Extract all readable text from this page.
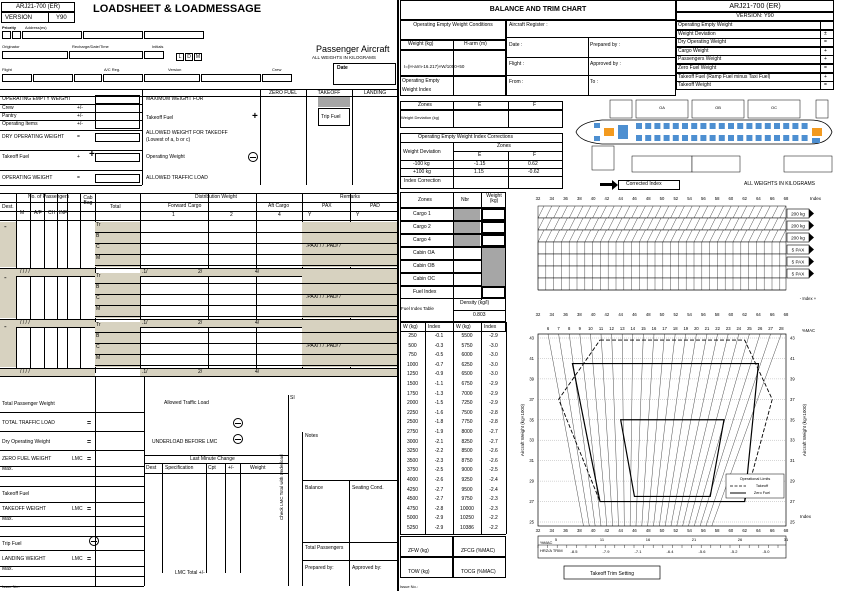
ARJ21-700 (ER)
VERSION	Y90
LOADSHEET & LOADMESSAGE
Priority Address(es)
Originator	Recharge/Date/Time	Initials
L D M
Passenger Aircraft
ALL WEIGHTS IN KILOGRAMS
Flight	A/C Reg.	Version	Crew	Date
ZERO FUEL	TAKEOFF	LANDING
OPERATING EMPTY WEIGHT
Crew	+/-
Pantry	+/-
Operating Items	+/-
DRY OPERATING WEIGHT	=
Takeoff Fuel	+
OPERATING WEIGHT	=
+
MAXIMUM WEIGHT FOR
Takeoff Fuel	+
ALLOWED WEIGHT FOR TAKEOFF
(Lowest of a, b or c)
Operating Weight
ALLOWED TRAFFIC LOAD
Trip Fuel
Dest.
No. of Passengers
M A/F CH INF
Cab Bag
Total
Distribution Weight
Forward Cargo	Aft Cargo
1	2	4
Remarks
PAX	PAD
Y	Y
-	Tr
B
C
M
.PAX/ / / .PAD/ /
.1/	2/	4/
/ / / /
-	Tr
B
C
M
.PAX/ / / .PAD/ /
.1/	2/	4/
/ / / /
-	Tr
B
C
M
.PAX/ / / .PAD/ /
.1/	2/	4/
/ / / /
Total Passenger Weight
TOTAL TRAFFIC LOAD
Dry Operating Weight
ZERO FUEL WEIGHT
Takeoff Fuel
TAKEOFF WEIGHT
Trip Fuel
LANDING WEIGHT
LMC
LMC
LMC
Max.
Max.
Max.
Allowed Traffic Load
UNDERLOAD BEFORE LMC
Last Minute Change
Dest Specification	Cpt +/-	Weight
LMC Total +/-
SI
Notes
Balance	Seating Cond.
Total Passengers
Prepared by:	Approved by:
Check LMC Total with Underload
=
=
=
=
=
Issue No.:
BALANCE AND TRIM CHART	ARJ21-700 (ER)
VERSION: Y90
Operating Empty Weight Conditions
Weight (kg)	H-arm (m)
I=(H-arm-16.217)×W/1000+50
Operating Empty
Weight Index
Aircraft Register :
Date :	Prepared by :
Flight :	Approved by :
From :	To :
Operating Empty Weight
Weight Deviation	±
Dry Operating Weight	=
Cargo Weight	+
Passengers Weight	+
Zero Fuel Weight	=
Takeoff Fuel (Ramp Fuel minus Taxi Fuel)	+
Takeoff Weight	=
Zones	E	F
Weight Deviation (kg)
Operating Empty Weight Index Corrections
Weight Deviation
Zones
E	F
-100 kg	-1.15	0.62
+100 kg	1.15	-0.62
Index Correction	Corrected Index	ALL WEIGHTS IN KILOGRAMS
OA	OB	OC
Zones	Nbr
Weight (kg)
Cargo 1
Cargo 2
Cargo 4
Cabin OA
Cabin OB
Cabin OC
Fuel Index
Fuel Index Table
Density (kg/l)
0.803
W (kg) Index	W (kg)	Index
250	-0.1	5500	-2.9
500	-0.3	5750	-3.0
750	-0.5	6000	-3.0
1000	-0.7	6250	-3.0
1250	-0.9	6500	-3.0
1500	-1.1	6750	-2.9
1750	-1.3	7000	-2.9
2000	-1.5	7250	-2.9
2250	-1.6	7500	-2.8
2500	-1.8	7750	-2.8
2750	-1.9	8000	-2.7
3000	-2.1	8250	-2.7
3250	-2.2	8500	-2.6
3500	-2.3	8750	-2.6
3750	-2.5	9000	-2.5
4000	-2.6	9250	-2.4
4250	-2.7	9500	-2.4
4500	-2.7	9750	-2.3
4750	-2.8	10000	-2.3
5000	-2.9	10250	-2.2
5250	-2.9	10386	-2.2
ZFW (kg)	ZFCG (%MAC)
TOW (kg)	TOCG (%MAC)
32 34 36 38 40 42 44 46 48 50 52 54 56 58 60 62 64 66 68	Index
32 34 36 38 40 42 44 46 48 50 52 54 56 58 60 62 64 66 68
200 kg
200 kg
200 kg
5 PAX
5 PAX
5 PAX
- Index +
6 7 8 9 10 11 12 13 14 15 16 17 18 19 20 21 22 23 24 25 26 27 28	%MAC
43	43
41	41
39	39
37	37
35	35
33	33
31	31
29	29
27	27
25	25
Operational Limits
Takeoff
Zero Fuel
Aircraft Weight (kg×1000)	Aircraft Weight (kg×1000)
32 34 36 38 40 42 44 46 48 50 52 54 56 58 60 62 64 66 68
Index
%MAC
5	11	16	21	26	31
HRZ/A TRIM -8.5	-7.9	-7.1	-6.4	-5.6	-5.2	-5.0
Takeoff Trim Setting
Issue No.:
